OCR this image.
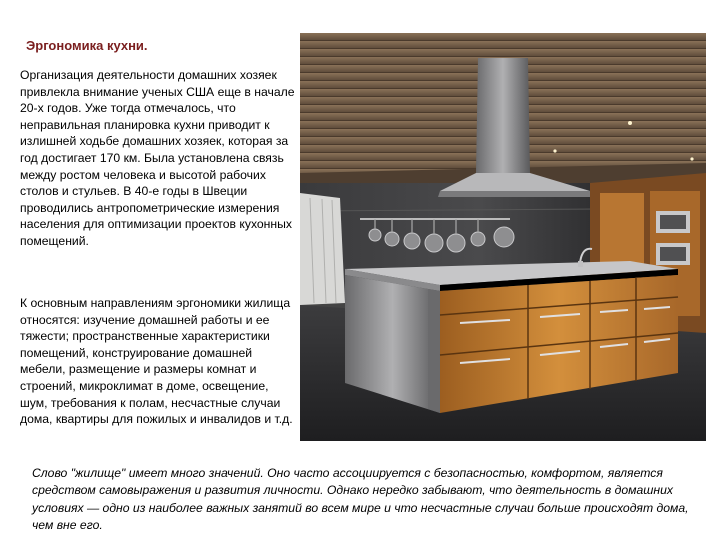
Эргономика кухни.
Организация деятельности домашних хозяек привлекла внимание ученых США еще в начале 20-х годов. Уже тогда отмечалось, что неправильная планировка кухни приводит к излишней ходьбе домашних хозяек, которая за год достигает 170 км. Была установлена связь между ростом человека и высотой рабочих столов и стульев. В 40-е годы в Швеции проводились антропометрические измерения населения для оптимизации проектов кухонных помещений.
К основным направлениям эргономики жилища относятся: изучение домашней работы и ее тяжести; пространственные характеристики помещений, конструирование домашней мебели, размещение и размеры комнат и строений, микроклимат в доме, освещение, шум, требования к полам, несчастные случаи дома, квартиры для пожилых и инвалидов и т.д.
Слово "жилище" имеет много значений. Оно часто ассоциируется с безопасностью, комфортом, является средством самовыражения и развития личности. Однако нередко забывают, что деятельность в домашних условиях — одно из наиболее важных занятий во всем мире и что несчастные случаи больше происходят дома, чем вне его.
